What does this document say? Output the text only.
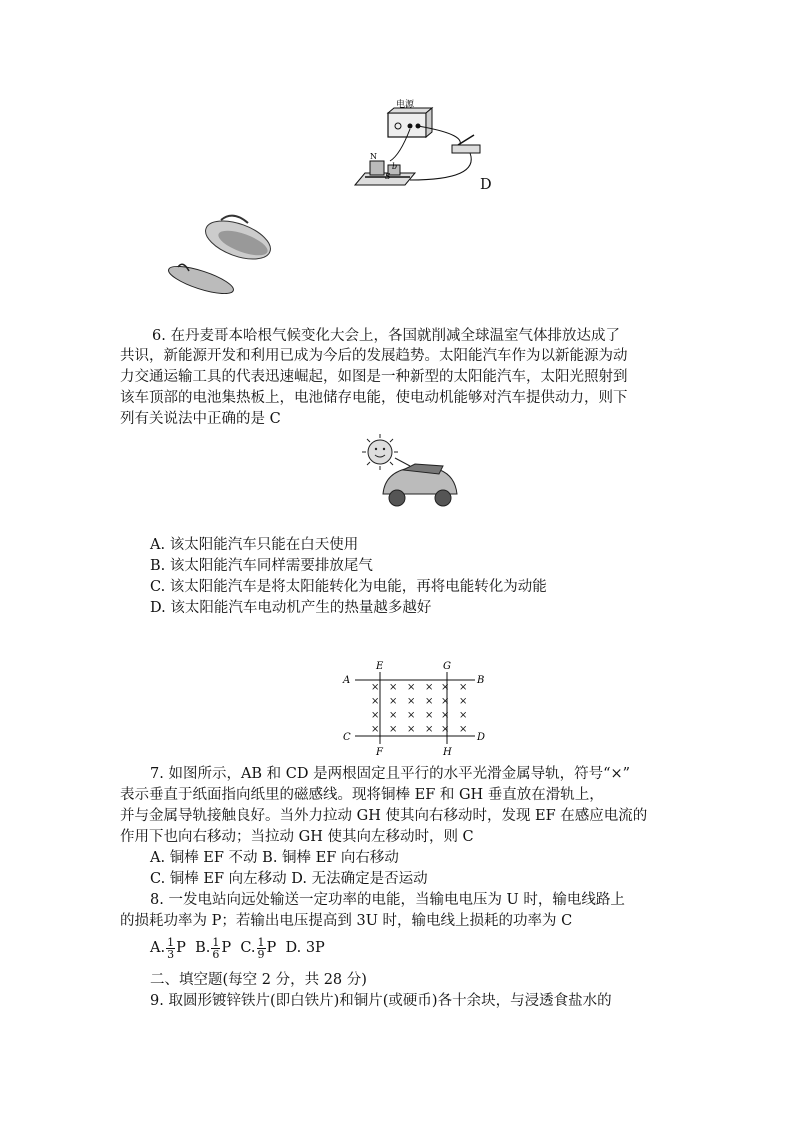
N
S
b
电源
D
6. 在丹麦哥本哈根气候变化大会上，各国就削减全球温室气体排放达成了
共识，新能源开发和利用已成为今后的发展趋势。太阳能汽车作为以新能源为动
力交通运输工具的代表迅速崛起，如图是一种新型的太阳能汽车，太阳光照射到
该车顶部的电池集热板上，电池储存电能，使电动机能够对汽车提供动力，则下
列有关说法中正确的是 C
A. 该太阳能汽车只能在白天使用
B. 该太阳能汽车同样需要排放尾气
C. 该太阳能汽车是将太阳能转化为电能，再将电能转化为动能
D. 该太阳能汽车电动机产生的热量越多越好
× × × × × ×
× × × × × ×
× × × × × ×
× × × × × ×
A	B
C	D
E	G
F	H
7. 如图所示，AB 和 CD 是两根固定且平行的水平光滑金属导轨，符号“×”
表示垂直于纸面指向纸里的磁感线。现将铜棒 EF 和 GH 垂直放在滑轨上，
并与金属导轨接触良好。当外力拉动 GH 使其向右移动时，发现 EF 在感应电流的
作用下也向右移动；当拉动 GH 使其向左移动时，则 C
A. 铜棒 EF 不动 B. 铜棒 EF 向右移动
C. 铜棒 EF 向左移动 D. 无法确定是否运动
8. 一发电站向远处输送一定功率的电能，当输电电压为 U 时，输电线路上
的损耗功率为 P；若输出电压提高到 3U 时，输电线上损耗的功率为 C
A. $\frac{1}{3}$ P B. $\frac{1}{6}$ P C. $\frac{1}{9}$ P D. 3P
二、填空题(每空 2 分，共 28 分)
9. 取圆形镀锌铁片(即白铁片)和铜片(或硬币)各十余块，与浸透食盐水的
